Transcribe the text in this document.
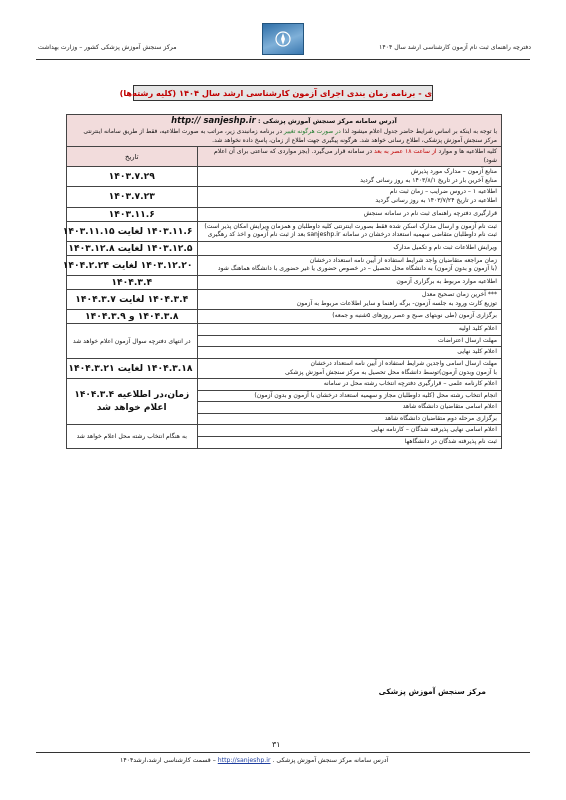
دفترچه راهنمای ثبت نام آزمون کارشناسی ارشد سال ۱۴۰۴
مرکز سنجش آموزش پزشکی کشور – وزارت بهداشت
ی - برنامه زمان بندی اجرای آزمون کارشناسی ارشد سال ۱۴۰۴ (کلیه رشته‌ها)
آدرس سامانه مرکز سنجش آموزش پزشکی : http:// sanjeshp.ir
با توجه به اینکه بر اساس شرایط حاضر جدول اعلام میشود لذا در صورت هرگونه تغییر در برنامه زمانبندی زیر، مراتب به صورت اطلاعیه، فقط از طریق سامانه اینترنتی مرکز سنجش آموزش پزشکی، اطلاع رسانی خواهد شد. هرگونه پیگیری جهت اطلاع از زمان، پاسخ داده نخواهد شد.	
کلیه اطلاعیه ها و موارد از ساعت ۱۸ عصر به بعد در سامانه قرار می‌گیرد. (بجز مواردی که ساعتی برای آن اعلام شود)	تاریخ

منابع آزمون – مدارک مورد پذیرش
منابع آخرین بار در تاریخ ۱۴۰۳/۸/۱ به روز رسانی گردید	۱۴۰۳.۷.۲۹

اطلاعیه ۱ – دروس ضرایب – زمان ثبت نام
اطلاعیه در تاریخ ۱۴۰۳/۷/۲۴ به روز رسانی گردید	۱۴۰۳.۷.۲۳

قرارگیری دفترچه راهنمای ثبت نام در سامانه سنجش	۱۴۰۳.۱۱.۶

ثبت نام آزمون و ارسال مدارک اسکن شده فقط بصورت اینترنتی کلیه داوطلبان و همزمان ویرایش امکان پذیر است)
ثبت نام داوطلبان متقاضی سهمیه استعداد درخشان در سامانه sanjeshp.ir بعد از ثبت نام آزمون و اخذ کد رهگیری	۱۴۰۳.۱۱.۶ لغایت ۱۴۰۳.۱۱.۱۵

ویرایش اطلاعات ثبت نام و تکمیل مدارک	۱۴۰۳.۱۲.۵ لغایت ۱۴۰۳.۱۲.۸

زمان مراجعه متقاضیان واجد شرایط استفاده از آیین نامه استعداد درخشان
(با آزمون و بدون آزمون) به دانشگاه محل تحصیل – در خصوص حضوری یا غیر حضوری با دانشگاه هماهنگ شود	۱۴۰۳.۱۲.۲۰ لغایت ۱۴۰۴.۲.۲۴

اطلاعیه موارد مربوط به برگزاری آزمون	۱۴۰۴.۳.۴

*** آخرین زمان تصحیح معدل
توزیع کارت ورود به جلسه آزمون- برگه راهنما و سایر اطلاعات مربوط به آزمون	۱۴۰۴.۳.۴ لغایت ۱۴۰۴.۳.۷

برگزاری آزمون (طی نوبتهای صبح و عصر روزهای ۵شنبه و جمعه)	۱۴۰۴.۳.۸ و ۱۴۰۴.۳.۹

اعلام کلید اولیه	در انتهای دفترچه سوال آزمون اعلام خواهد شد

مهلت ارسال اعتراضات	

اعلام کلید نهایی	

مهلت ارسال اسامی واجدین شرایط استفاده از آیین نامه استعداد درخشان
با آزمون وبدون آزمون)توسط دانشگاه محل تحصیل به مرکز سنجش آموزش پزشکی	۱۴۰۴.۳.۱۸ لغایت ۱۴۰۴.۳.۲۱

اعلام کارنامه علمی – قرارگیری دفترچه انتخاب رشته محل در سامانه	زمان،در اطلاعیه ۱۴۰۴.۳.۴ اعلام خواهد شد

انجام انتخاب رشته محل (کلیه داوطلبان مجاز و سهمیه استعداد درخشان با آزمون و بدون آزمون)	

اعلام اسامی متقاضیان دانشگاه شاهد	

برگزاری مرحله دوم متقاضیان دانشگاه شاهد	

اعلام اسامی نهایی پذیرفته شدگان – کارنامه نهایی	به هنگام انتخاب رشته محل اعلام خواهد شد

ثبت نام پذیرفته شدگان در دانشگاهها	
مرکز سنجش آموزش پزشکی
۳۱
آدرس سامانه مرکز سنجش آموزش پزشکی . http://sanjeshp.ir – قسمت کارشناسی ارشد،ارشد۱۴۰۴
